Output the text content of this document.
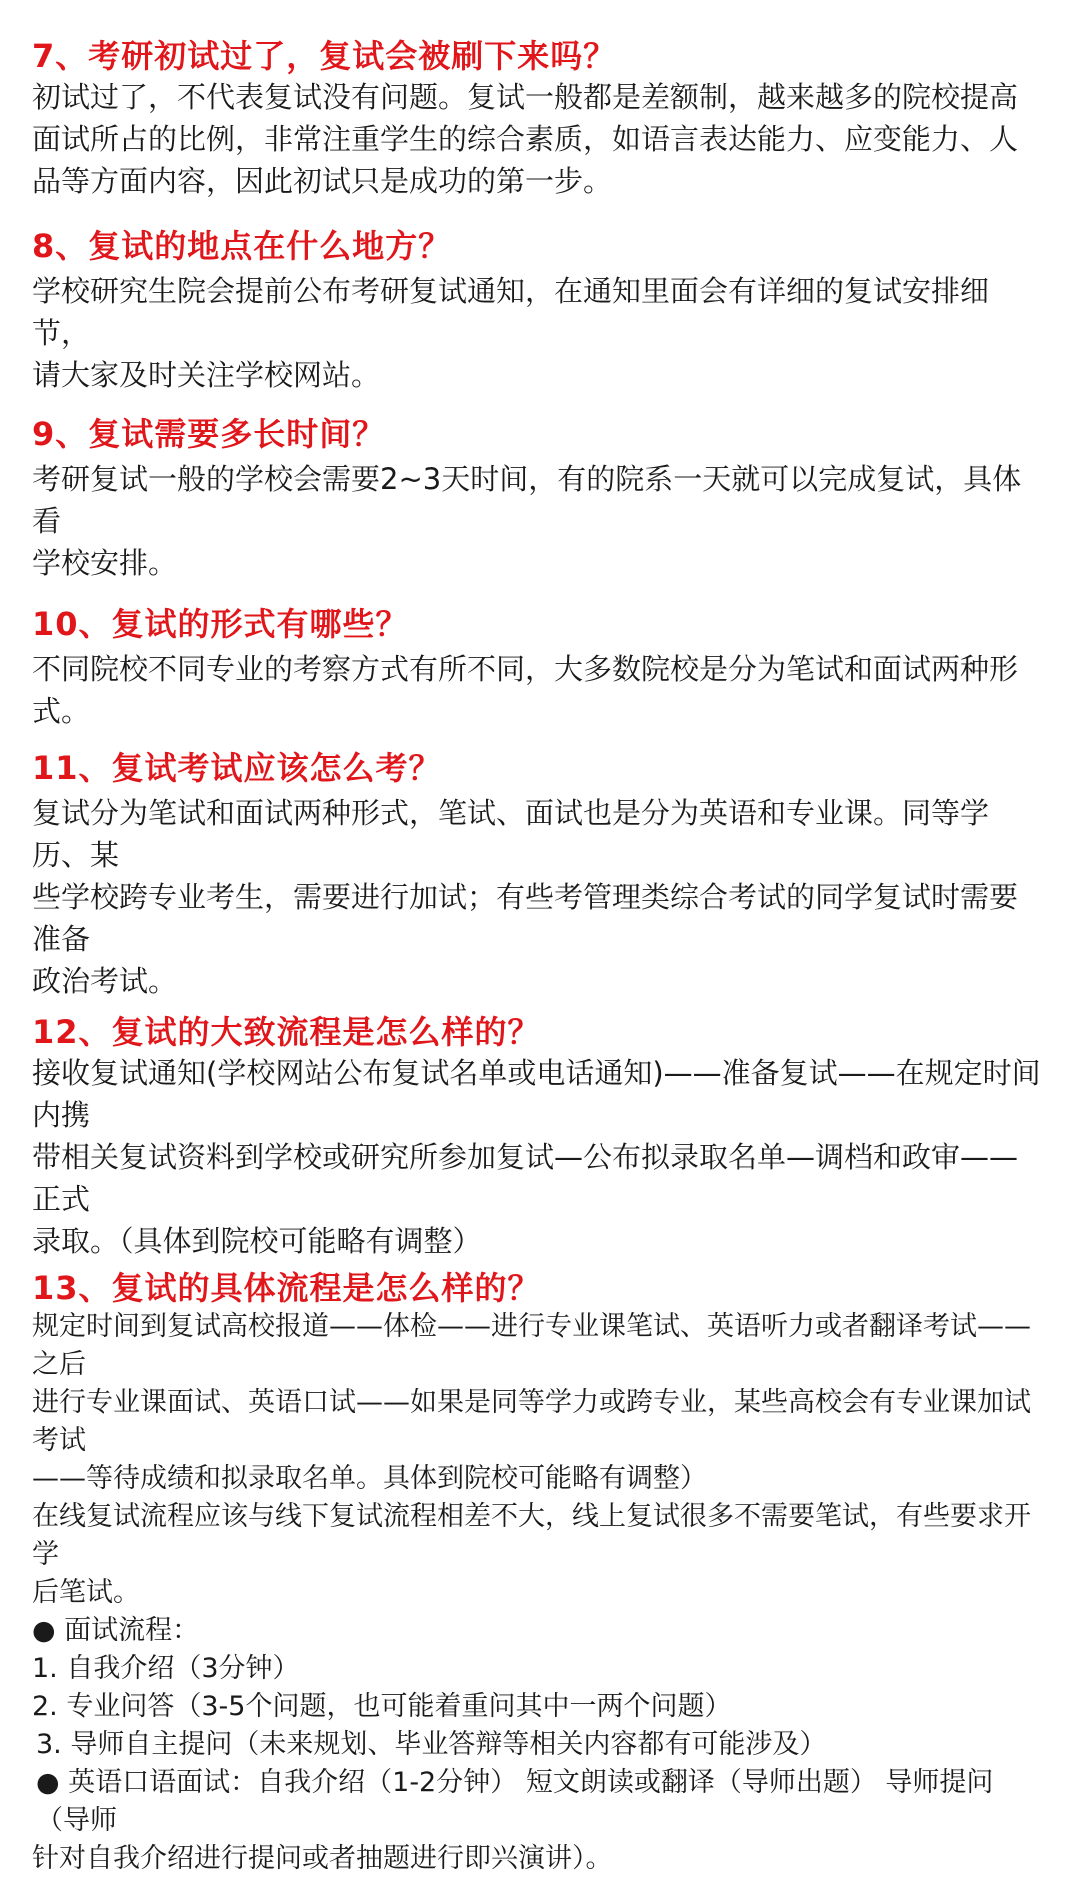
7、考研初试过了，复试会被刷下来吗？

初试过了，不代表复试没有问题。复试一般都是差额制，越来越多的院校提高

面试所占的比例，非常注重学生的综合素质，如语言表达能力、应变能力、人

品等方面内容，因此初试只是成功的第一步。

8、复试的地点在什么地方？

学校研究生院会提前公布考研复试通知，在通知里面会有详细的复试安排细节，

请大家及时关注学校网站。

9、复试需要多长时间？

考研复试一般的学校会需要2~3天时间，有的院系一天就可以完成复试，具体看

学校安排。

10、复试的形式有哪些？

不同院校不同专业的考察方式有所不同，大多数院校是分为笔试和面试两种形式。

11、复试考试应该怎么考？

复试分为笔试和面试两种形式，笔试、面试也是分为英语和专业课。同等学历、某

些学校跨专业考生，需要进行加试；有些考管理类综合考试的同学复试时需要准备

政治考试。

12、复试的大致流程是怎么样的？

接收复试通知(学校网站公布复试名单或电话通知)——准备复试——在规定时间内携

带相关复试资料到学校或研究所参加复试—公布拟录取名单—调档和政审——正式

录取。（具体到院校可能略有调整）

13、复试的具体流程是怎么样的？

规定时间到复试高校报道——体检——进行专业课笔试、英语听力或者翻译考试——之后

进行专业课面试、英语口试——如果是同等学力或跨专业，某些高校会有专业课加试考试

——等待成绩和拟录取名单。具体到院校可能略有调整）

在线复试流程应该与线下复试流程相差不大，线上复试很多不需要笔试，有些要求开学

后笔试。

● 面试流程：

1. 自我介绍（3分钟）

2. 专业问答（3-5个问题，也可能着重问其中一两个问题）

3. 导师自主提问（未来规划、毕业答辩等相关内容都有可能涉及）

● 英语口语面试：自我介绍（1-2分钟） 短文朗读或翻译（导师出题） 导师提问（导师

针对自我介绍进行提问或者抽题进行即兴演讲）。
